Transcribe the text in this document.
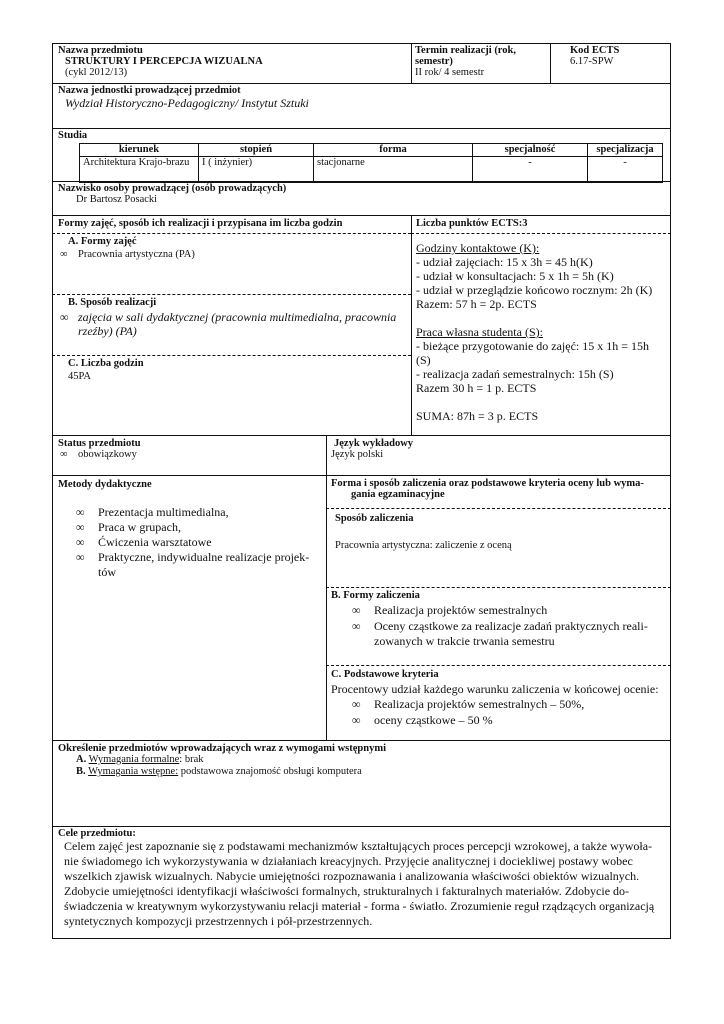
Nazwa przedmiotu
STRUKTURY I PERCEPCJA WIZUALNA
(cykl 2012/13)
Termin realizacji (rok,
semestr)
II rok/ 4 semestr
Kod ECTS
6.17-SPW
Nazwa jednostki prowadzącej przedmiot
Wydział Historyczno-Pedagogiczny/ Instytut Sztuki
Studia
kierunek	stopień	forma	specjalność	specjalizacja
Architektura Krajo-brazu	I ( inżynier)	stacjonarne	-	-
Nazwisko osoby prowadzącej (osób prowadzących)
Dr Bartosz Posacki
Formy zajęć, sposób ich realizacji i przypisana im liczba godzin
A. Formy zajęć
∞	Pracownia artystyczna (PA)
B. Sposób realizacji
∞ zajęcia w sali dydaktycznej (pracownia multimedialna, pracownia
rzeźby) (PA)
C. Liczba godzin
45PA
Liczba punktów ECTS:3
Godziny kontaktowe (K):
- udział zajęciach: 15 x 3h = 45 h(K)
- udział w konsultacjach: 5 x 1h = 5h (K)
- udział w przeglądzie końcowo rocznym: 2h (K)
Razem: 57 h = 2p. ECTS
Praca własna studenta (S):
- bieżące przygotowanie do zajęć: 15 x 1h = 15h
(S)
- realizacja zadań semestralnych: 15h (S)
Razem 30 h = 1 p. ECTS
SUMA: 87h = 3 p. ECTS
Status przedmiotu
∞	obowiązkowy
Język wykładowy
Język polski
Metody dydaktyczne
∞	Prezentacja multimedialna,
∞	Praca w grupach,
∞	Ćwiczenia warsztatowe
∞	Praktyczne, indywidualne realizacje projek-
tów
Forma i sposób zaliczenia oraz podstawowe kryteria oceny lub wyma-
gania egzaminacyjne
Sposób zaliczenia
Pracownia artystyczna: zaliczenie z oceną
B. Formy zaliczenia
∞	Realizacja projektów semestralnych
∞	Oceny cząstkowe za realizacje zadań praktycznych reali-
zowanych w trakcie trwania semestru
C. Podstawowe kryteria
Procentowy udział każdego warunku zaliczenia w końcowej ocenie:
∞	Realizacja projektów semestralnych – 50%,
∞	oceny cząstkowe – 50 %
Określenie przedmiotów wprowadzających wraz z wymogami wstępnymi
A. Wymagania formalne: brak
B. Wymagania wstępne: podstawowa znajomość obsługi komputera
Cele przedmiotu:
Celem zajęć jest zapoznanie się z podstawami mechanizmów kształtujących proces percepcji wzrokowej, a także wywoła-
nie świadomego ich wykorzystywania w działaniach kreacyjnych. Przyjęcie analitycznej i dociekliwej postawy wobec
wszelkich zjawisk wizualnych. Nabycie umiejętności rozpoznawania i analizowania właściwości obiektów wizualnych.
Zdobycie umiejętności identyfikacji właściwości formalnych, strukturalnych i fakturalnych materiałów. Zdobycie do-
świadczenia w kreatywnym wykorzystywaniu relacji materiał - forma - światło. Zrozumienie reguł rządzących organizacją
syntetycznych kompozycji przestrzennych i pół-przestrzennych.
